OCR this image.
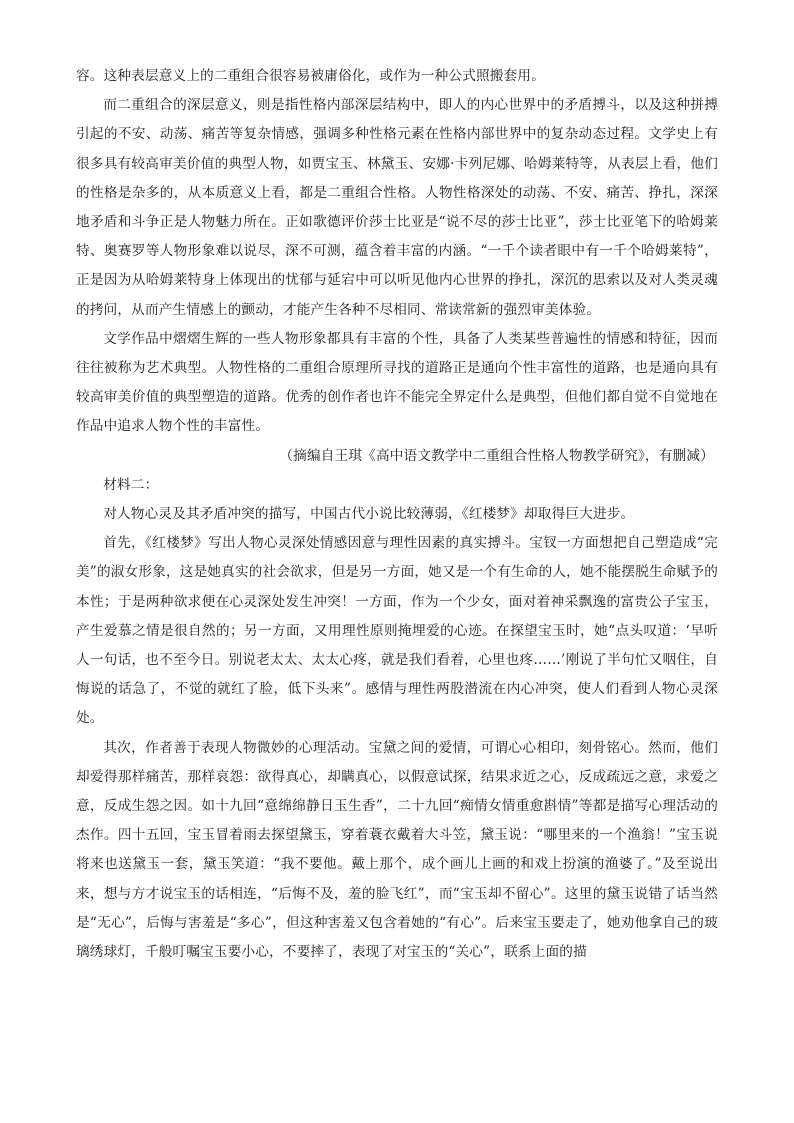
容。这种表层意义上的二重组合很容易被庸俗化，或作为一种公式照搬套用。

而二重组合的深层意义，则是指性格内部深层结构中，即人的内心世界中的矛盾搏斗，以及这种拼搏引起的不安、动荡、痛苦等复杂情感，强调多种性格元素在性格内部世界中的复杂动态过程。文学史上有很多具有较高审美价值的典型人物，如贾宝玉、林黛玉、安娜·卡列尼娜、哈姆莱特等，从表层上看，他们的性格是杂多的，从本质意义上看，都是二重组合性格。人物性格深处的动荡、不安、痛苦、挣扎，深深地矛盾和斗争正是人物魅力所在。正如歌德评价莎士比亚是“说不尽的莎士比亚”，莎士比亚笔下的哈姆莱特、奥赛罗等人物形象难以说尽，深不可测，蕴含着丰富的内涵。“一千个读者眼中有一千个哈姆莱特”，正是因为从哈姆莱特身上体现出的忧郁与延宕中可以听见他内心世界的挣扎，深沉的思索以及对人类灵魂的拷问，从而产生情感上的颤动，才能产生各种不尽相同、常读常新的强烈审美体验。

文学作品中熠熠生辉的一些人物形象都具有丰富的个性，具备了人类某些普遍性的情感和特征，因而往往被称为艺术典型。人物性格的二重组合原理所寻找的道路正是通向个性丰富性的道路，也是通向具有较高审美价值的典型塑造的道路。优秀的创作者也许不能完全界定什么是典型，但他们都自觉不自觉地在作品中追求人物个性的丰富性。

（摘编自王琪《高中语文教学中二重组合性格人物教学研究》，有删减）

材料二：

对人物心灵及其矛盾冲突的描写，中国古代小说比较薄弱，《红楼梦》却取得巨大进步。

首先，《红楼梦》写出人物心灵深处情感因意与理性因素的真实搏斗。宝钗一方面想把自己塑造成“完美”的淑女形象，这是她真实的社会欲求，但是另一方面，她又是一个有生命的人，她不能摆脱生命赋予的本性；于是两种欲求便在心灵深处发生冲突！一方面，作为一个少女，面对着神采飘逸的富贵公子宝玉，产生爱慕之情是很自然的；另一方面，又用理性原则掩埋爱的心迹。在探望宝玉时，她“点头叹道：‘早听人一句话，也不至今日。别说老太太、太太心疼，就是我们看着，心里也疼……’刚说了半句忙又咽住，自悔说的话急了，不觉的就红了脸，低下头来”。感情与理性两股潜流在内心冲突，使人们看到人物心灵深处。

其次，作者善于表现人物微妙的心理活动。宝黛之间的爱情，可谓心心相印，刻骨铭心。然而，他们却爱得那样痛苦，那样哀怨：欲得真心，却瞒真心，以假意试探，结果求近之心，反成疏远之意，求爱之意，反成生怨之因。如十九回“意绵绵静日玉生香”，二十九回“痴情女情重愈斟情”等都是描写心理活动的杰作。四十五回，宝玉冒着雨去探望黛玉，穿着蓑衣戴着大斗笠，黛玉说：“哪里来的一个渔翁！”宝玉说将来也送黛玉一套，黛玉笑道：“我不要他。戴上那个，成个画儿上画的和戏上扮演的渔婆了。”及至说出来，想与方才说宝玉的话相连，“后悔不及，羞的脸飞红”，而“宝玉却不留心”。这里的黛玉说错了话当然是“无心”，后悔与害羞是“多心”，但这种害羞又包含着她的“有心”。后来宝玉要走了，她劝他拿自己的玻璃绣球灯，千般叮嘱宝玉要小心，不要摔了，表现了对宝玉的“关心”，联系上面的描
